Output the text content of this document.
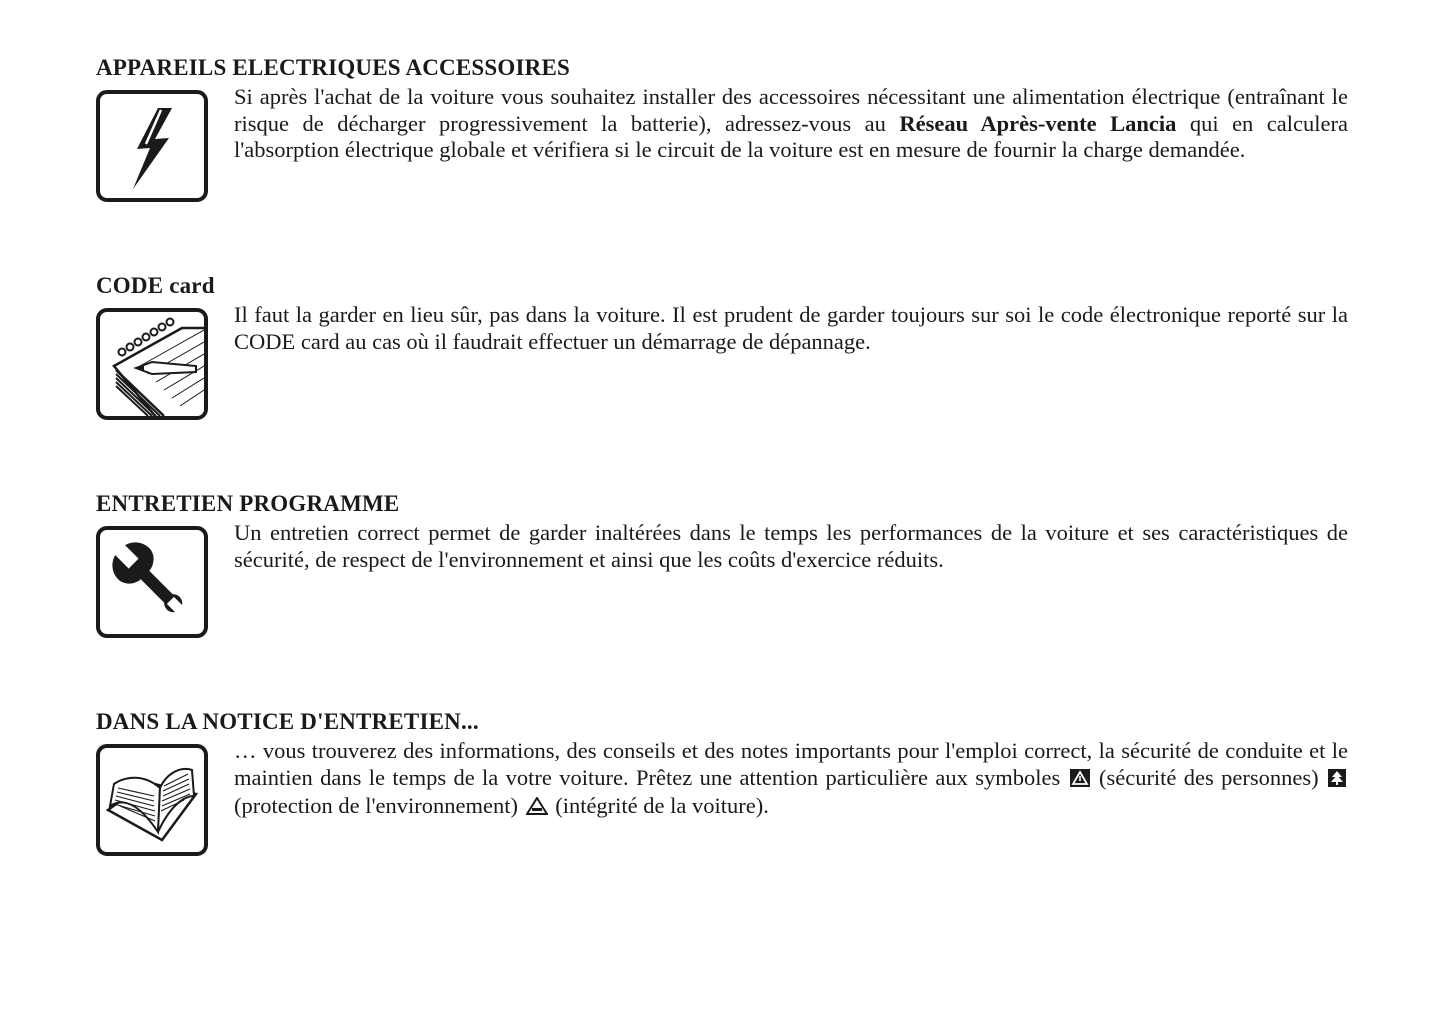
APPAREILS ELECTRIQUES ACCESSOIRES

Si après l'achat de la voiture vous souhaitez installer des accessoires nécessitant une alimentation électrique (entraînant le risque de décharger progressivement la batterie), adressez-vous au Réseau Après-vente Lancia qui en calculera l'absorption électrique globale et vérifiera si le circuit de la voiture est en mesure de fournir la charge demandée.

CODE card

Il faut la garder en lieu sûr, pas dans la voiture. Il est prudent de garder toujours sur soi le code électronique reporté sur la CODE card au cas où il faudrait effectuer un démarrage de dépannage.

ENTRETIEN PROGRAMME

Un entretien correct permet de garder inaltérées dans le temps les performances de la voiture et ses caractéristiques de sécurité, de respect de l'environnement et ainsi que les coûts d'exercice réduits.

DANS LA NOTICE D'ENTRETIEN...

… vous trouverez des informations, des conseils et des notes importants pour l'emploi correct, la sécurité de conduite et le maintien dans le temps de la votre voiture. Prêtez une attention particulière aux symboles  (sécurité des personnes)  (protection de l'environnement)  (intégrité de la voiture).
